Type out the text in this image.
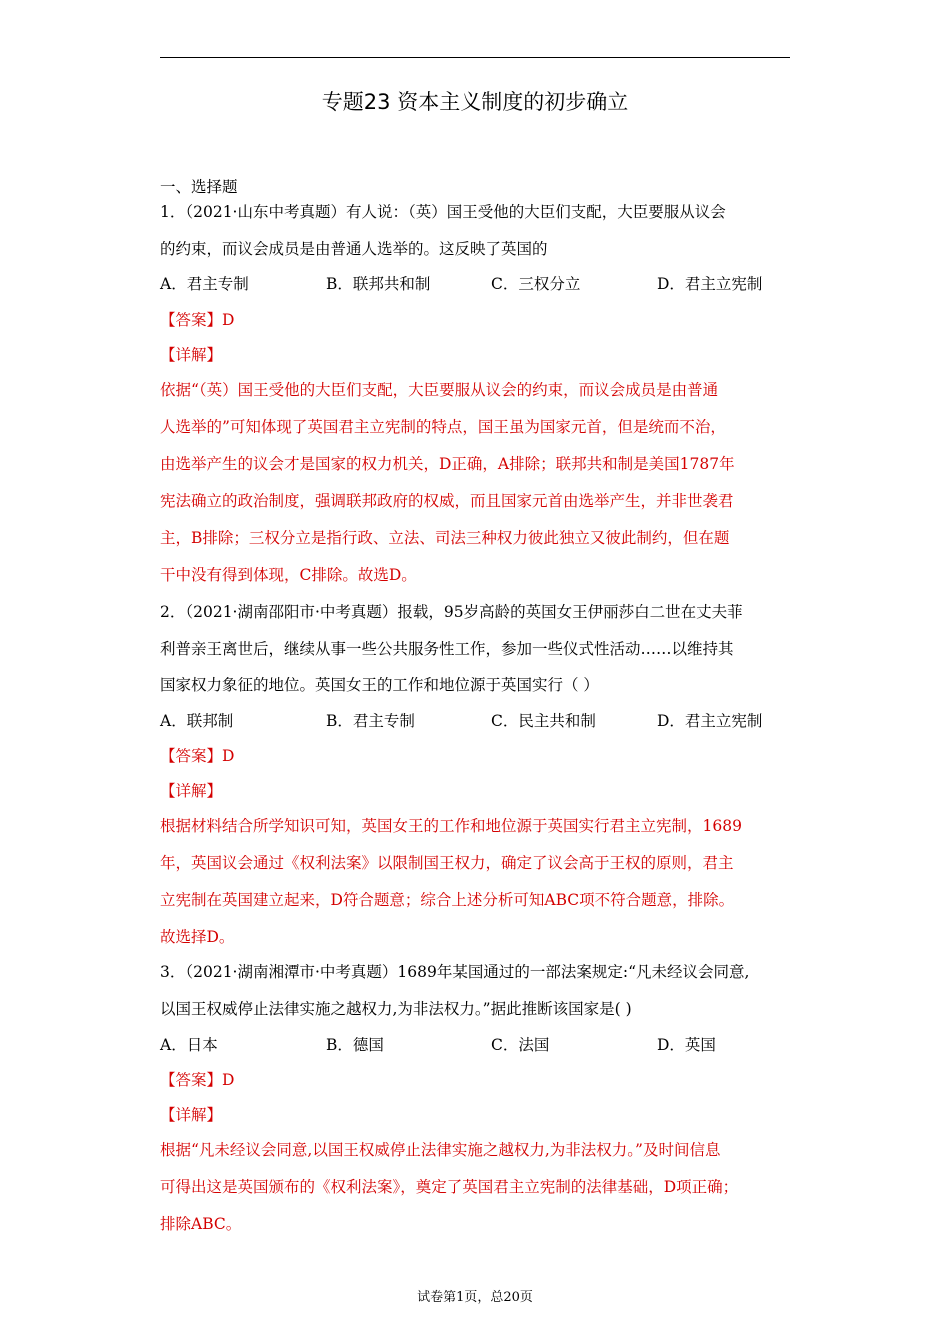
专题23 资本主义制度的初步确立
一、选择题
1．（2021·山东中考真题）有人说：（英）国王受他的大臣们支配，大臣要服从议会
的约束，而议会成员是由普通人选举的。这反映了英国的
A．君主专制	B．联邦共和制	C．三权分立	D．君主立宪制
【答案】D
【详解】
依据“（英）国王受他的大臣们支配，大臣要服从议会的约束，而议会成员是由普通
人选举的”可知体现了英国君主立宪制的特点，国王虽为国家元首，但是统而不治，
由选举产生的议会才是国家的权力机关，D正确，A排除；联邦共和制是美国1787年
宪法确立的政治制度，强调联邦政府的权威，而且国家元首由选举产生，并非世袭君
主，B排除；三权分立是指行政、立法、司法三种权力彼此独立又彼此制约，但在题
干中没有得到体现，C排除。故选D。
2．（2021·湖南邵阳市·中考真题）报载，95岁高龄的英国女王伊丽莎白二世在丈夫菲
利普亲王离世后，继续从事一些公共服务性工作，参加一些仪式性活动……以维持其
国家权力象征的地位。英国女王的工作和地位源于英国实行（ ）
A．联邦制	B．君主专制	C．民主共和制	D．君主立宪制
【答案】D
【详解】
根据材料结合所学知识可知，英国女王的工作和地位源于英国实行君主立宪制，1689
年，英国议会通过《权利法案》以限制国王权力，确定了议会高于王权的原则，君主
立宪制在英国建立起来，D符合题意；综合上述分析可知ABC项不符合题意，排除。
故选择D。
3．（2021·湖南湘潭市·中考真题）1689年某国通过的一部法案规定:“凡未经议会同意,
以国王权威停止法律实施之越权力,为非法权力。”据此推断该国家是( )
A．日本	B．德国	C．法国	D．英国
【答案】D
【详解】
根据“凡未经议会同意,以国王权威停止法律实施之越权力,为非法权力。”及时间信息
可得出这是英国颁布的《权利法案》，奠定了英国君主立宪制的法律基础，D项正确；
排除ABC。
试卷第1页，总20页
